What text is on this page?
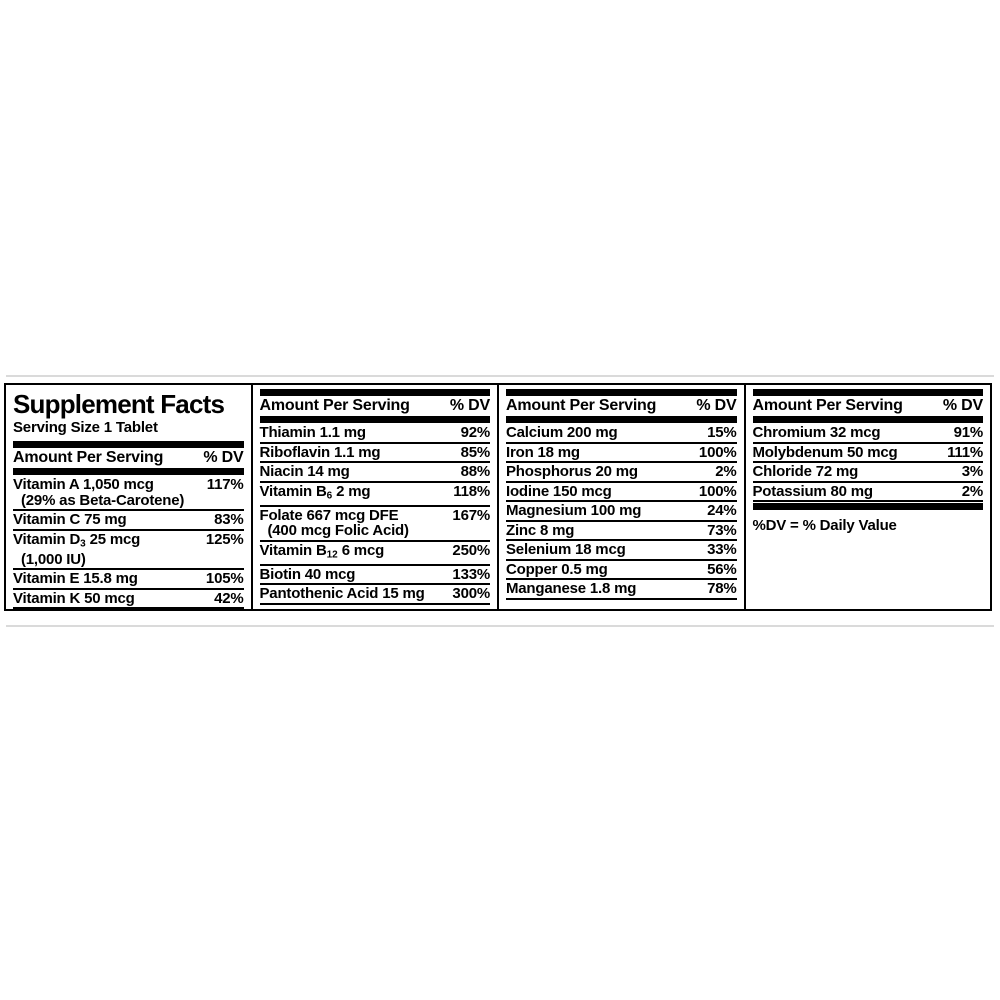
Supplement Facts
Serving Size 1 Tablet
Amount Per Serving	% DV
Vitamin A 1,050 mcg
(29% as Beta-Carotene)
117%
Vitamin C 75 mg	83%
Vitamin $D_3$ 25 mcg
(1,000 IU)
125%
Vitamin E 15.8 mg	105%
Vitamin K 50 mcg	42%
Amount Per Serving	% DV
Thiamin 1.1 mg	92%
Riboflavin 1.1 mg	85%
Niacin 14 mg	88%
Vitamin $B_6$ 2 mg	118%
Folate 667 mcg DFE
(400 mcg Folic Acid)
167%
Vitamin $B_{12}$ 6 mcg	250%
Biotin 40 mcg	133%
Pantothenic Acid 15 mg	300%
Amount Per Serving	% DV
Calcium 200 mg	15%
Iron 18 mg	100%
Phosphorus 20 mg	2%
Iodine 150 mcg	100%
Magnesium 100 mg	24%
Zinc 8 mg	73%
Selenium 18 mcg	33%
Copper 0.5 mg	56%
Manganese 1.8 mg	78%
Amount Per Serving	% DV
Chromium 32 mcg	91%
Molybdenum 50 mcg	111%
Chloride 72 mg	3%
Potassium 80 mg	2%
%DV = % Daily Value
